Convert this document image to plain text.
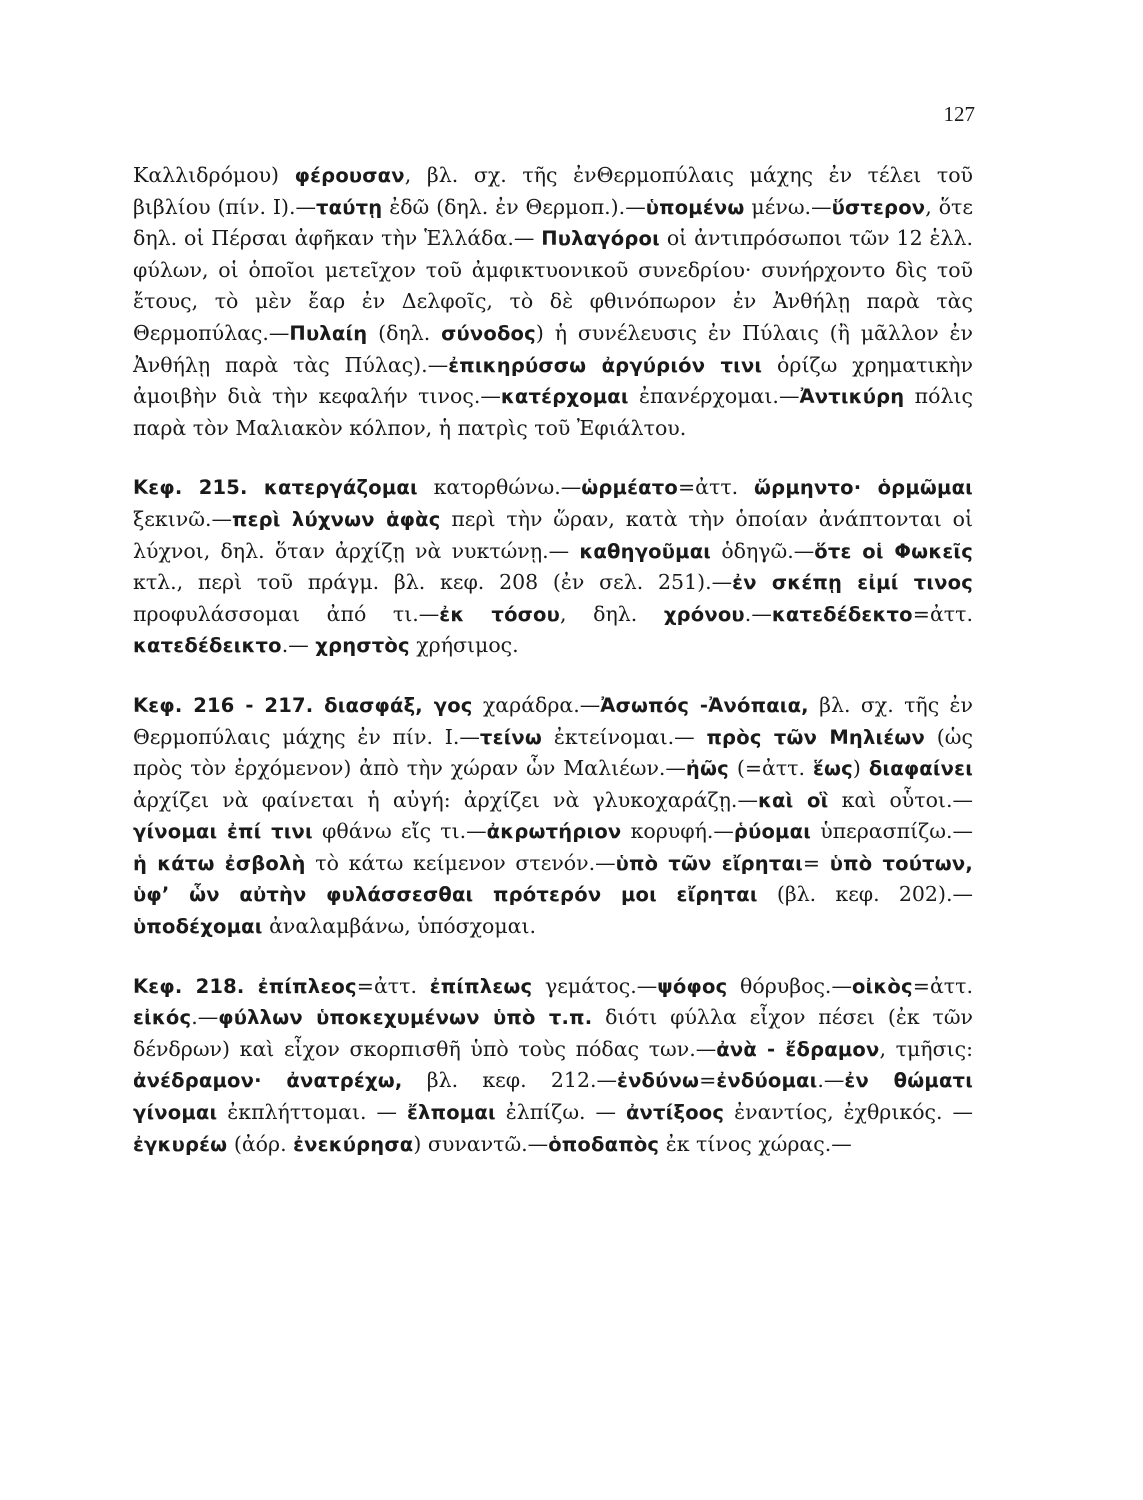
127

Καλλιδρόμου) φέρουσαν, βλ. σχ. τῆς ἐνΘερμοπύλαις μάχης ἐν τέλει τοῦ βιβλίου (πίν. Ι).—ταύτῃ ἐδῶ (δηλ. ἐν Θερμοπ.).—ὑπομένω μένω.—ὕστερον, ὅτε δηλ. οἱ Πέρσαι ἀφῆκαν τὴν Ἑλλάδα.— Πυλαγόροι οἱ ἀντιπρόσωποι τῶν 12 ἑλλ. φύλων, οἱ ὁποῖοι μετεῖχον τοῦ ἀμφικτυονικοῦ συνεδρίου· συνήρχοντο δὶς τοῦ ἔτους, τὸ μὲν ἔαρ ἐν Δελφοῖς, τὸ δὲ φθινόπωρον ἐν Ἀνθήλῃ παρὰ τὰς Θερμοπύλας.—Πυλαίη (δηλ. σύνοδος) ἡ συνέλευσις ἐν Πύλαις (ἢ μᾶλλον ἐν Ἀνθήλῃ παρὰ τὰς Πύλας).—ἐπικηρύσσω ἀργύριόν τινι ὁρίζω χρηματικὴν ἀμοιβὴν διὰ τὴν κεφαλήν τινος.—κατέρχομαι ἐπανέρχομαι.—Ἀντικύρη πόλις παρὰ τὸν Μαλιακὸν κόλπον, ἡ πατρὶς τοῦ Ἐφιάλτου.

Κεφ. 215. κατεργάζομαι κατορθώνω.—ὡρμέατο=ἀττ. ὥρμηντο· ὁρμῶμαι ξεκινῶ.—περὶ λύχνων ἁφὰς περὶ τὴν ὥραν, κατὰ τὴν ὁποίαν ἀνάπτονται οἱ λύχνοι, δηλ. ὅταν ἀρχίζῃ νὰ νυκτώνῃ.— καθηγοῦμαι ὁδηγῶ.—ὅτε οἱ Φωκεῖς κτλ., περὶ τοῦ πράγμ. βλ. κεφ. 208 (ἐν σελ. 251).—ἐν σκέπῃ εἰμί τινος προφυλάσσομαι ἀπό τι.—ἐκ τόσου, δηλ. χρόνου.—κατεδέδεκτο=ἀττ. κατεδέδεικτο.— χρηστὸς χρήσιμος.

Κεφ. 216 - 217. διασφάξ, γος χαράδρα.—Ἀσωπός -Ἀνόπαια, βλ. σχ. τῆς ἐν Θερμοπύλαις μάχης ἐν πίν. Ι.—τείνω ἐκτείνομαι.— πρὸς τῶν Μηλιέων (ὡς πρὸς τὸν ἐρχόμενον) ἀπὸ τὴν χώραν ὧν Μαλιέων.—ἠῶς (=ἀττ. ἕως) διαφαίνει ἀρχίζει νὰ φαίνεται ἡ αὐγή: ἀρχίζει νὰ γλυκοχαράζῃ.—καὶ οἳ καὶ οὗτοι.—γίνομαι ἐπί τινι φθάνω εἴς τι.—ἀκρωτήριον κορυφή.—ῥύομαι ὑπερασπίζω.— ἡ κάτω ἐσβολὴ τὸ κάτω κείμενον στενόν.—ὑπὸ τῶν εἴρηται= ὑπὸ τούτων, ὑφ’ ὧν αὐτὴν φυλάσσεσθαι πρότερόν μοι εἴρηται (βλ. κεφ. 202).—ὑποδέχομαι ἀναλαμβάνω, ὑπόσχομαι.

Κεφ. 218. ἐπίπλεος=ἀττ. ἐπίπλεως γεμάτος.—ψόφος θόρυβος.—οἰκὸς=ἀττ. εἰκός.—φύλλων ὑποκεχυμένων ὑπὸ τ.π. διότι φύλλα εἶχον πέσει (ἐκ τῶν δένδρων) καὶ εἶχον σκορπισθῆ ὑπὸ τοὺς πόδας των.—ἀνὰ - ἔδραμον, τμῆσις: ἀνέδραμον· ἀνατρέχω, βλ. κεφ. 212.—ἐνδύνω=ἐνδύομαι.—ἐν θώματι γίνομαι ἐκπλήττομαι. — ἔλπομαι ἐλπίζω. — ἀντίξοος ἐναντίος, ἐχθρικός. — ἐγκυρέω (ἀόρ. ἐνεκύρησα) συναντῶ.—ὁποδαπὸς ἐκ τίνος χώρας.—
